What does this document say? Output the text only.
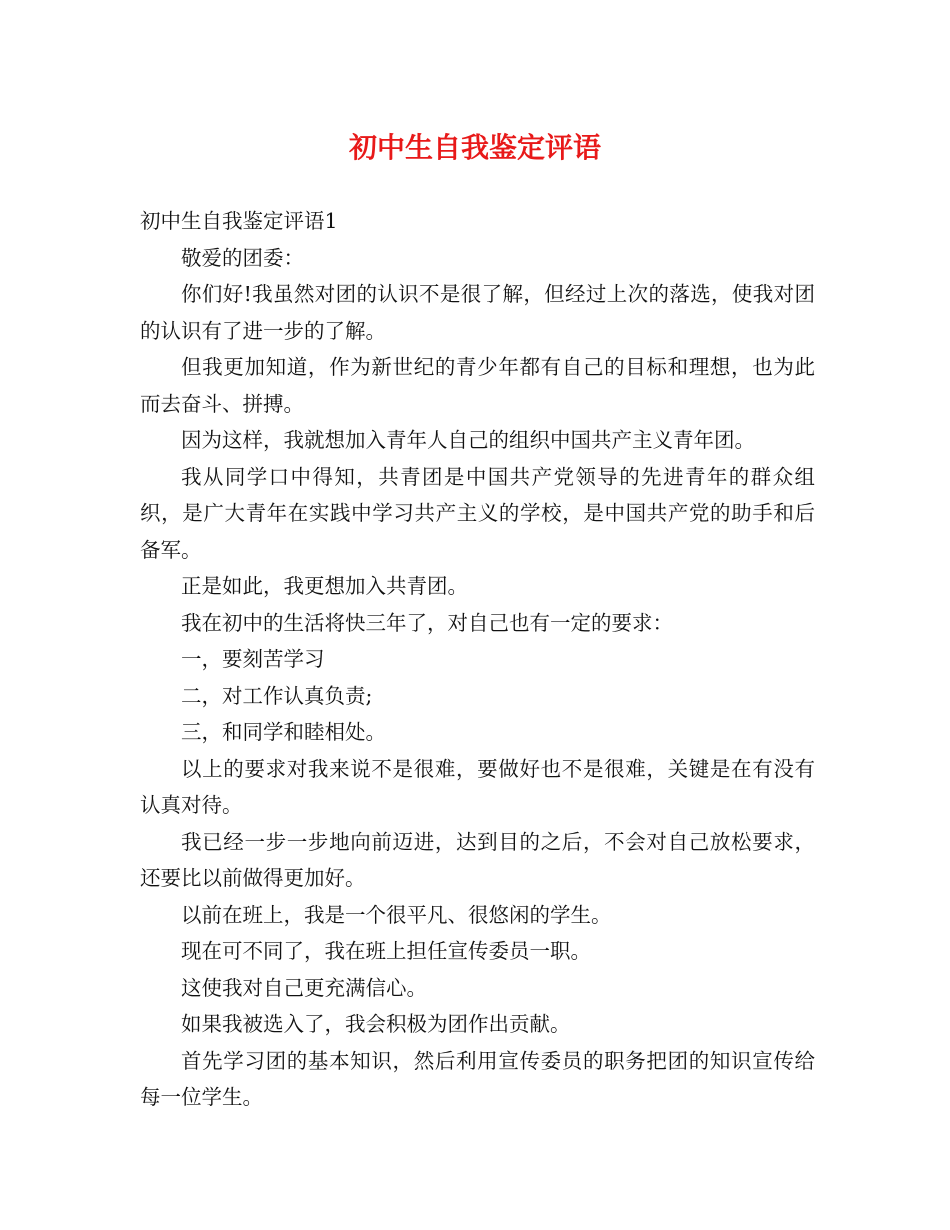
初中生自我鉴定评语

初中生自我鉴定评语1

敬爱的团委：

你们好!我虽然对团的认识不是很了解，但经过上次的落选，使我对团的认识有了进一步的了解。

但我更加知道，作为新世纪的青少年都有自己的目标和理想，也为此而去奋斗、拼搏。

因为这样，我就想加入青年人自己的组织中国共产主义青年团。

我从同学口中得知，共青团是中国共产党领导的先进青年的群众组织，是广大青年在实践中学习共产主义的学校，是中国共产党的助手和后备军。

正是如此，我更想加入共青团。

我在初中的生活将快三年了，对自己也有一定的要求：

一，要刻苦学习

二，对工作认真负责;

三，和同学和睦相处。

以上的要求对我来说不是很难，要做好也不是很难，关键是在有没有认真对待。

我已经一步一步地向前迈进，达到目的之后，不会对自己放松要求，还要比以前做得更加好。

以前在班上，我是一个很平凡、很悠闲的学生。

现在可不同了，我在班上担任宣传委员一职。

这使我对自己更充满信心。

如果我被选入了，我会积极为团作出贡献。

首先学习团的基本知识，然后利用宣传委员的职务把团的知识宣传给每一位学生。
